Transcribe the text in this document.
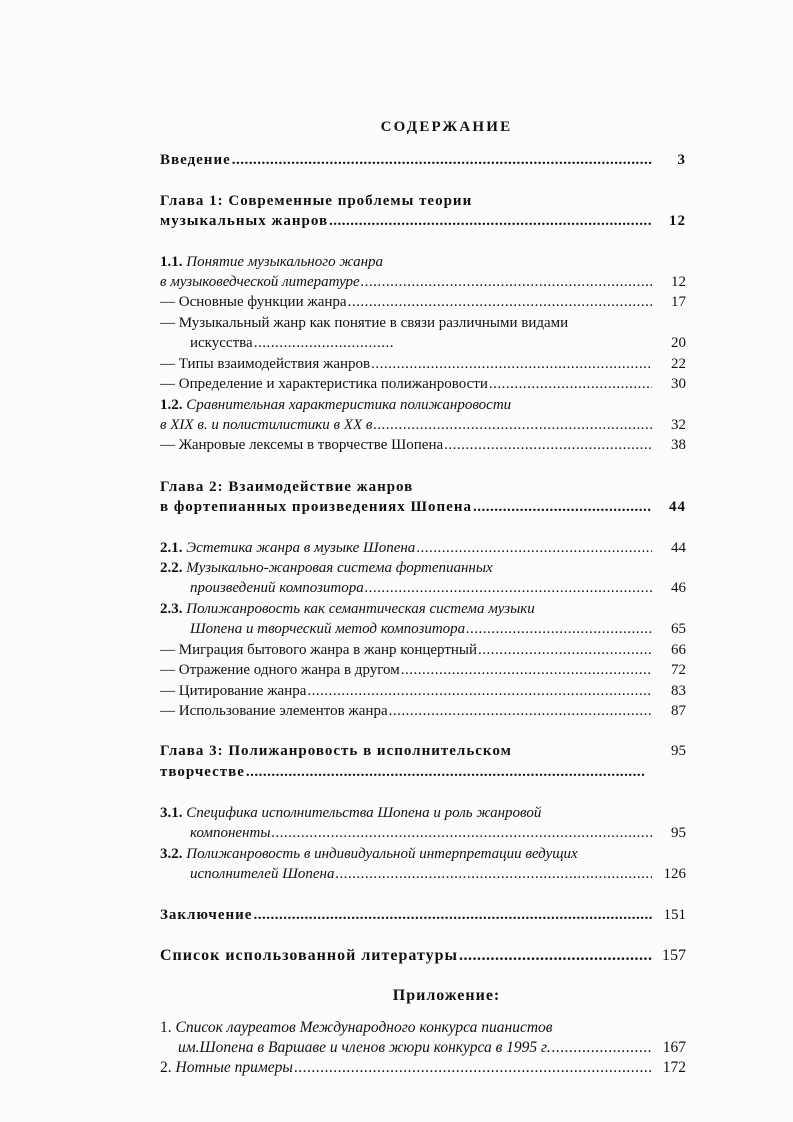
СОДЕРЖАНИЕ
Введение .....	3
Глава 1: Современные проблемы теории
музыкальных жанров .....	12
1.1. Понятие музыкального жанра
в музыковедческой литературе .....	12
— Основные функции жанра .....	17
— Музыкальный жанр как понятие в связи различными видами
искусства .....	20
— Типы взаимодействия жанров .....	22
— Определение и характеристика полижанровости .....	30
1.2. Сравнительная характеристика полижанровости
в XIX в. и полистилистики в XX в .....	32
— Жанровые лексемы в творчестве Шопена .....	38
Глава 2: Взаимодействие жанров
в фортепианных произведениях Шопена .....	44
2.1. Эстетика жанра в музыке Шопена .....	44
2.2. Музыкально-жанровая система фортепианных
произведений композитора .....	46
2.3. Полижанровость как семантическая система музыки
Шопена и творческий метод композитора .....	65
— Миграция бытового жанра в жанр концертный .....	66
— Отражение одного жанра в другом .....	72
— Цитирование жанра .....	83
— Использование элементов жанра .....	87
Глава 3: Полижанровость в исполнительском	95
творчестве
.....
3.1. Специфика исполнительства Шопена и роль жанровой
компоненты .....	95
3.2. Полижанровость в индивидуальной интерпретации ведущих
исполнителей Шопена .....	126
Заключение .....	151
Список использованной литературы .....	157
Приложение:
1. Список лауреатов Международного конкурса пианистов
им.Шопена в Варшаве и членов жюри конкурса в 1995 г. .....	167
2. Нотные примеры .....	172
